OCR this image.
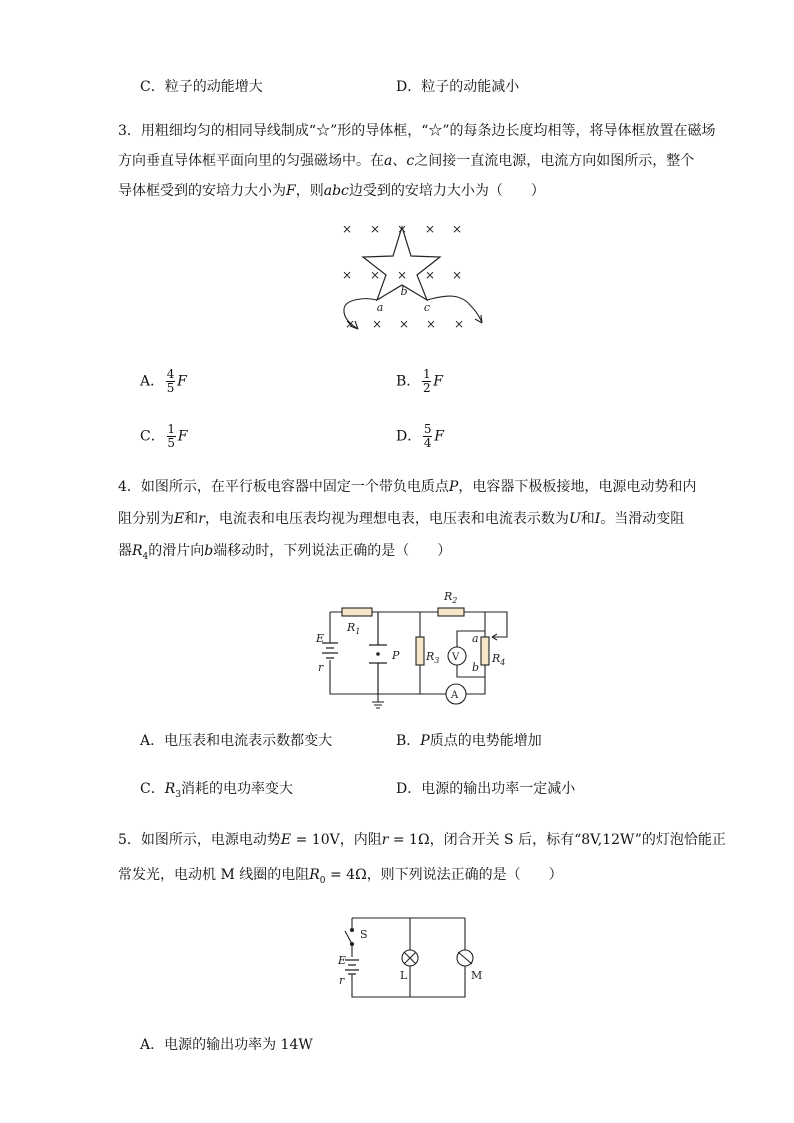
C．粒子的动能增大	D．粒子的动能减小
3．用粗细均匀的相同导线制成“☆”形的导体框，“☆”的每条边长度均相等，将导体框放置在磁场
方向垂直导体框平面向里的匀强磁场中。在a、c之间接一直流电源，电流方向如图所示，整个
导体框受到的安培力大小为F，则abc边受到的安培力大小为（　　）
× × × × ×
× × × × ×
× × × × ×
a
b
c
A． $\frac{4}{5}$ F	B． $\frac{1}{2}$ F
C． $\frac{1}{5}$ F	D． $\frac{5}{4}$ F
4．如图所示，在平行板电容器中固定一个带负电质点P，电容器下极板接地，电源电动势和内
阻分别为E和r，电流表和电压表均视为理想电表，电压表和电流表示数为U和I。当滑动变阻
器$R_4$的滑片向b端移动时，下列说法正确的是（　　）
E
r
$R_1$
$R_2$
$R_3$	$R_4$
P	V
A
a
b
A．电压表和电流表示数都变大	B．P质点的电势能增加
C．$R_3$消耗的电功率变大	D．电源的输出功率一定减小
5．如图所示，电源电动势E = 10V，内阻r = 1Ω，闭合开关 S 后，标有“8V,12W”的灯泡恰能正
常发光，电动机 M 线圈的电阻$R_0 = 4\Omega$，则下列说法正确的是（　　）
S
E
r	L	M
A．电源的输出功率为 14W
